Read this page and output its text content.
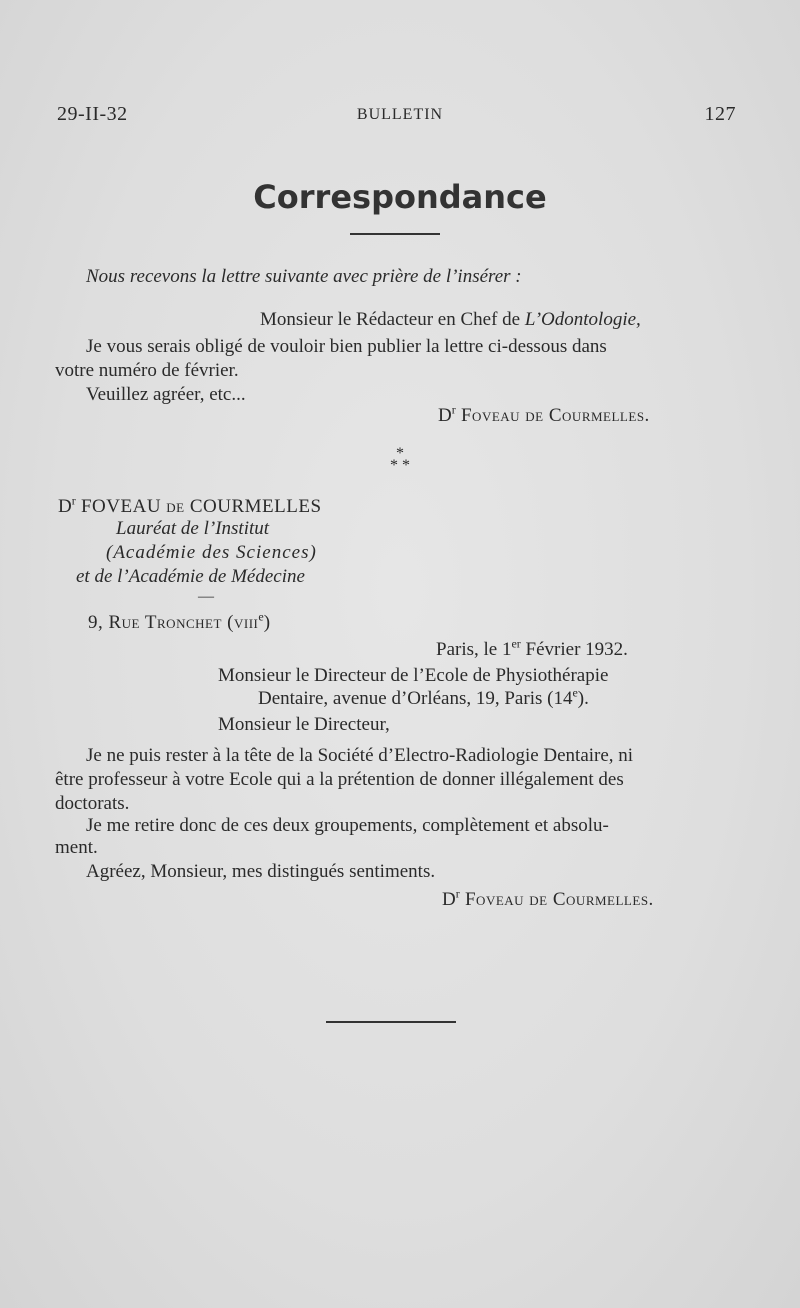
29-II-32	BULLETIN	127
Correspondance
Nous recevons la lettre suivante avec prière de l’insérer :
Monsieur le Rédacteur en Chef de L’Odontologie,
Je vous serais obligé de vouloir bien publier la lettre ci-dessous dans
votre numéro de février.
Veuillez agréer, etc...
$D^r$ Foveau de Courmelles.
*
* *
$D^r$ FOVEAU de COURMELLES
Lauréat de l’Institut
(Académie des Sciences)
et de l’Académie de Médecine
—
9, Rue Tronchet (viii$^e$)
Paris, le 1er Février 1932.
Monsieur le Directeur de l’Ecole de Physiothérapie
Dentaire, avenue d’Orléans, 19, Paris (14e).
Monsieur le Directeur,
Je ne puis rester à la tête de la Société d’Electro-Radiologie Dentaire, ni
être professeur à votre Ecole qui a la prétention de donner illégalement des
doctorats.
Je me retire donc de ces deux groupements, complètement et absolu-
ment.
Agréez, Monsieur, mes distingués sentiments.
$D^r$ Foveau de Courmelles.
